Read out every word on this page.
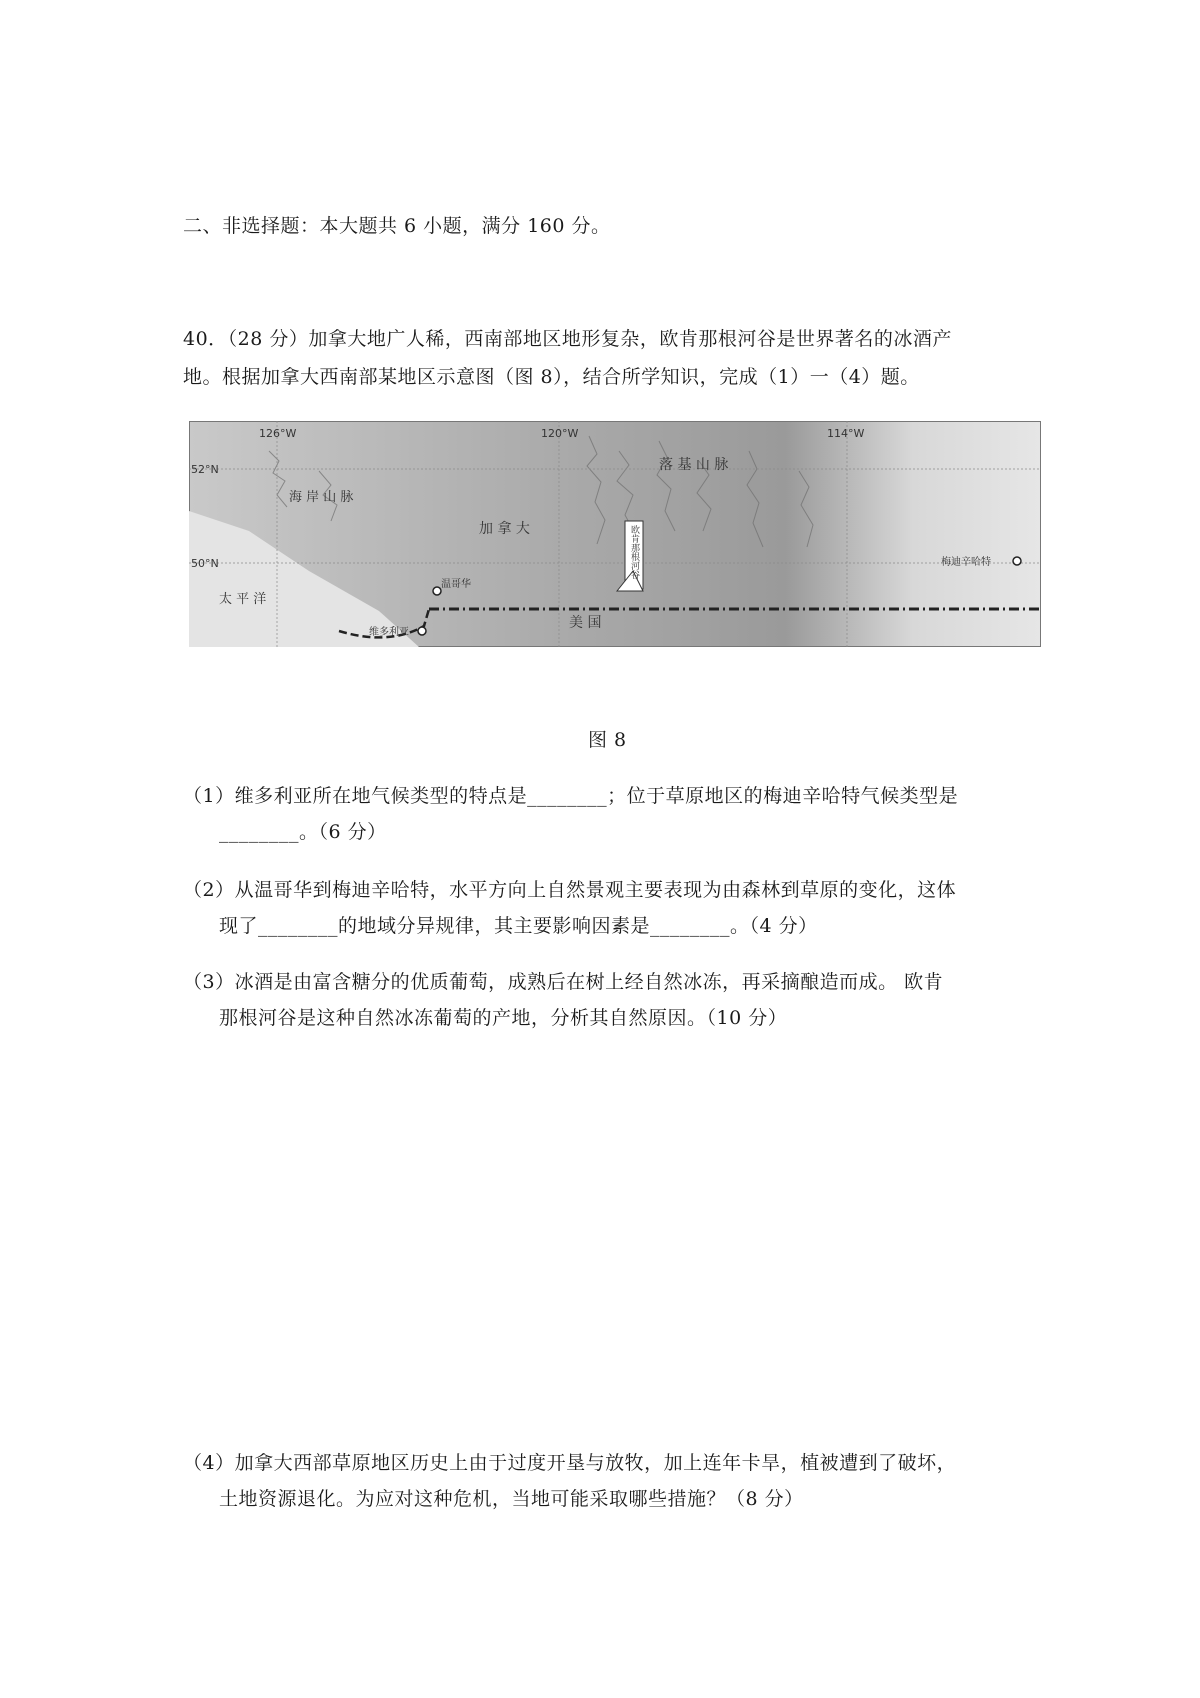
二、非选择题：本大题共 6 小题，满分 160 分。
40．（28 分）加拿大地广人稀，西南部地区地形复杂，欧肯那根河谷是世界著名的冰酒产
地。根据加拿大西南部某地区示意图（图 8），结合所学知识，完成（1）一（4）题。
126°W	120°W	114°W
52°N
50°N
太 平 洋
海 岸 山 脉
加 拿 大
落 基 山 脉
美 国
温哥华
维多利亚
梅迪辛哈特
欧肯那根河谷
图 8
（1）维多利亚所在地气候类型的特点是________；位于草原地区的梅迪辛哈特气候类型是
________。（6 分）
（2）从温哥华到梅迪辛哈特，水平方向上自然景观主要表现为由森林到草原的变化，这体
现了________的地域分异规律，其主要影响因素是________。（4 分）
（3）冰酒是由富含糖分的优质葡萄，成熟后在树上经自然冰冻，再采摘酿造而成。 欧肯
那根河谷是这种自然冰冻葡萄的产地，分析其自然原因。（10 分）
（4）加拿大西部草原地区历史上由于过度开垦与放牧，加上连年卡旱，植被遭到了破坏，
土地资源退化。为应对这种危机，当地可能采取哪些措施？（8 分）
